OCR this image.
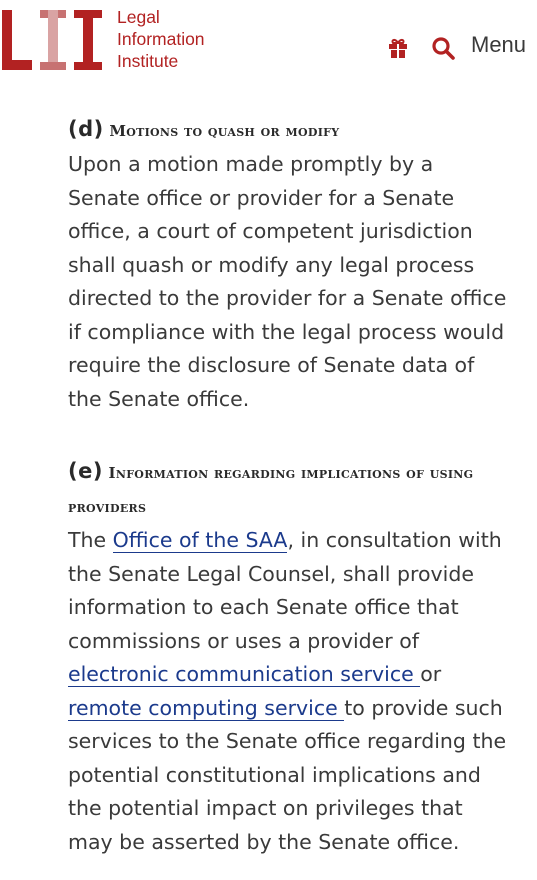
Legal
Information
Institute
Menu
(d) Motions to quash or modify

Upon a motion made promptly by a Senate office or provider for a Senate office, a court of competent jurisdiction shall quash or modify any legal process directed to the provider for a Senate office if compliance with the legal process would require the disclosure of Senate data of the Senate office.

(e) Information regarding implications of using providers

The Office of the SAA, in consultation with the Senate Legal Counsel, shall provide information to each Senate office that commissions or uses a provider of electronic communication service or remote computing service to provide such services to the Senate office regarding the potential constitutional implications and the potential impact on privileges that may be asserted by the Senate office.
